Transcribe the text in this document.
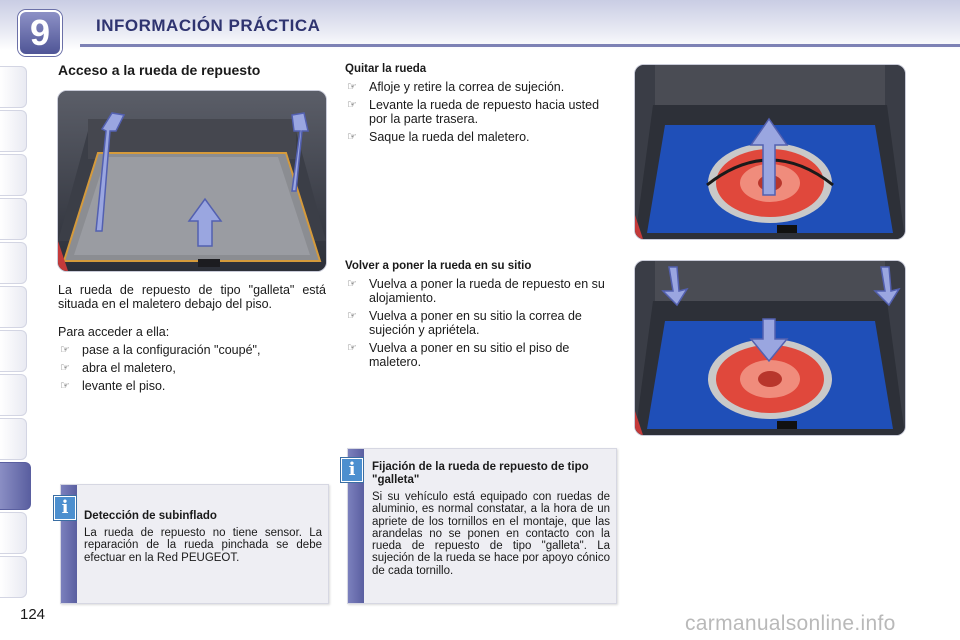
9	INFORMACIÓN PRÁCTICA
Acceso a la rueda de repuesto
La rueda de repuesto de tipo "galleta" está situada en el maletero debajo del piso.
Para acceder a ella:
☞ pase a la configuración "coupé",
☞ abra el maletero,
☞ levante el piso.
Quitar la rueda
☞ Afloje y retire la correa de sujeción.
☞ Levante la rueda de repuesto hacia usted por la parte trasera.
☞ Saque la rueda del maletero.
Volver a poner la rueda en su sitio
☞ Vuelva a poner la rueda de repuesto en su alojamiento.
☞ Vuelva a poner en su sitio la correa de sujeción y apriétela.
☞ Vuelva a poner en su sitio el piso de maletero.
i	Detección de subinflado
La rueda de repuesto no tiene sensor. La reparación de la rueda pinchada se debe efectuar en la Red PEUGEOT.
i	Fijación de la rueda de repuesto de tipo "galleta"
Si su vehículo está equipado con ruedas de aluminio, es normal constatar, a la hora de un apriete de los tornillos en el montaje, que las arandelas no se ponen en contacto con la rueda de repuesto de tipo "galleta". La sujeción de la rueda se hace por apoyo cónico de cada tornillo.
124	carmanualsonline.info
